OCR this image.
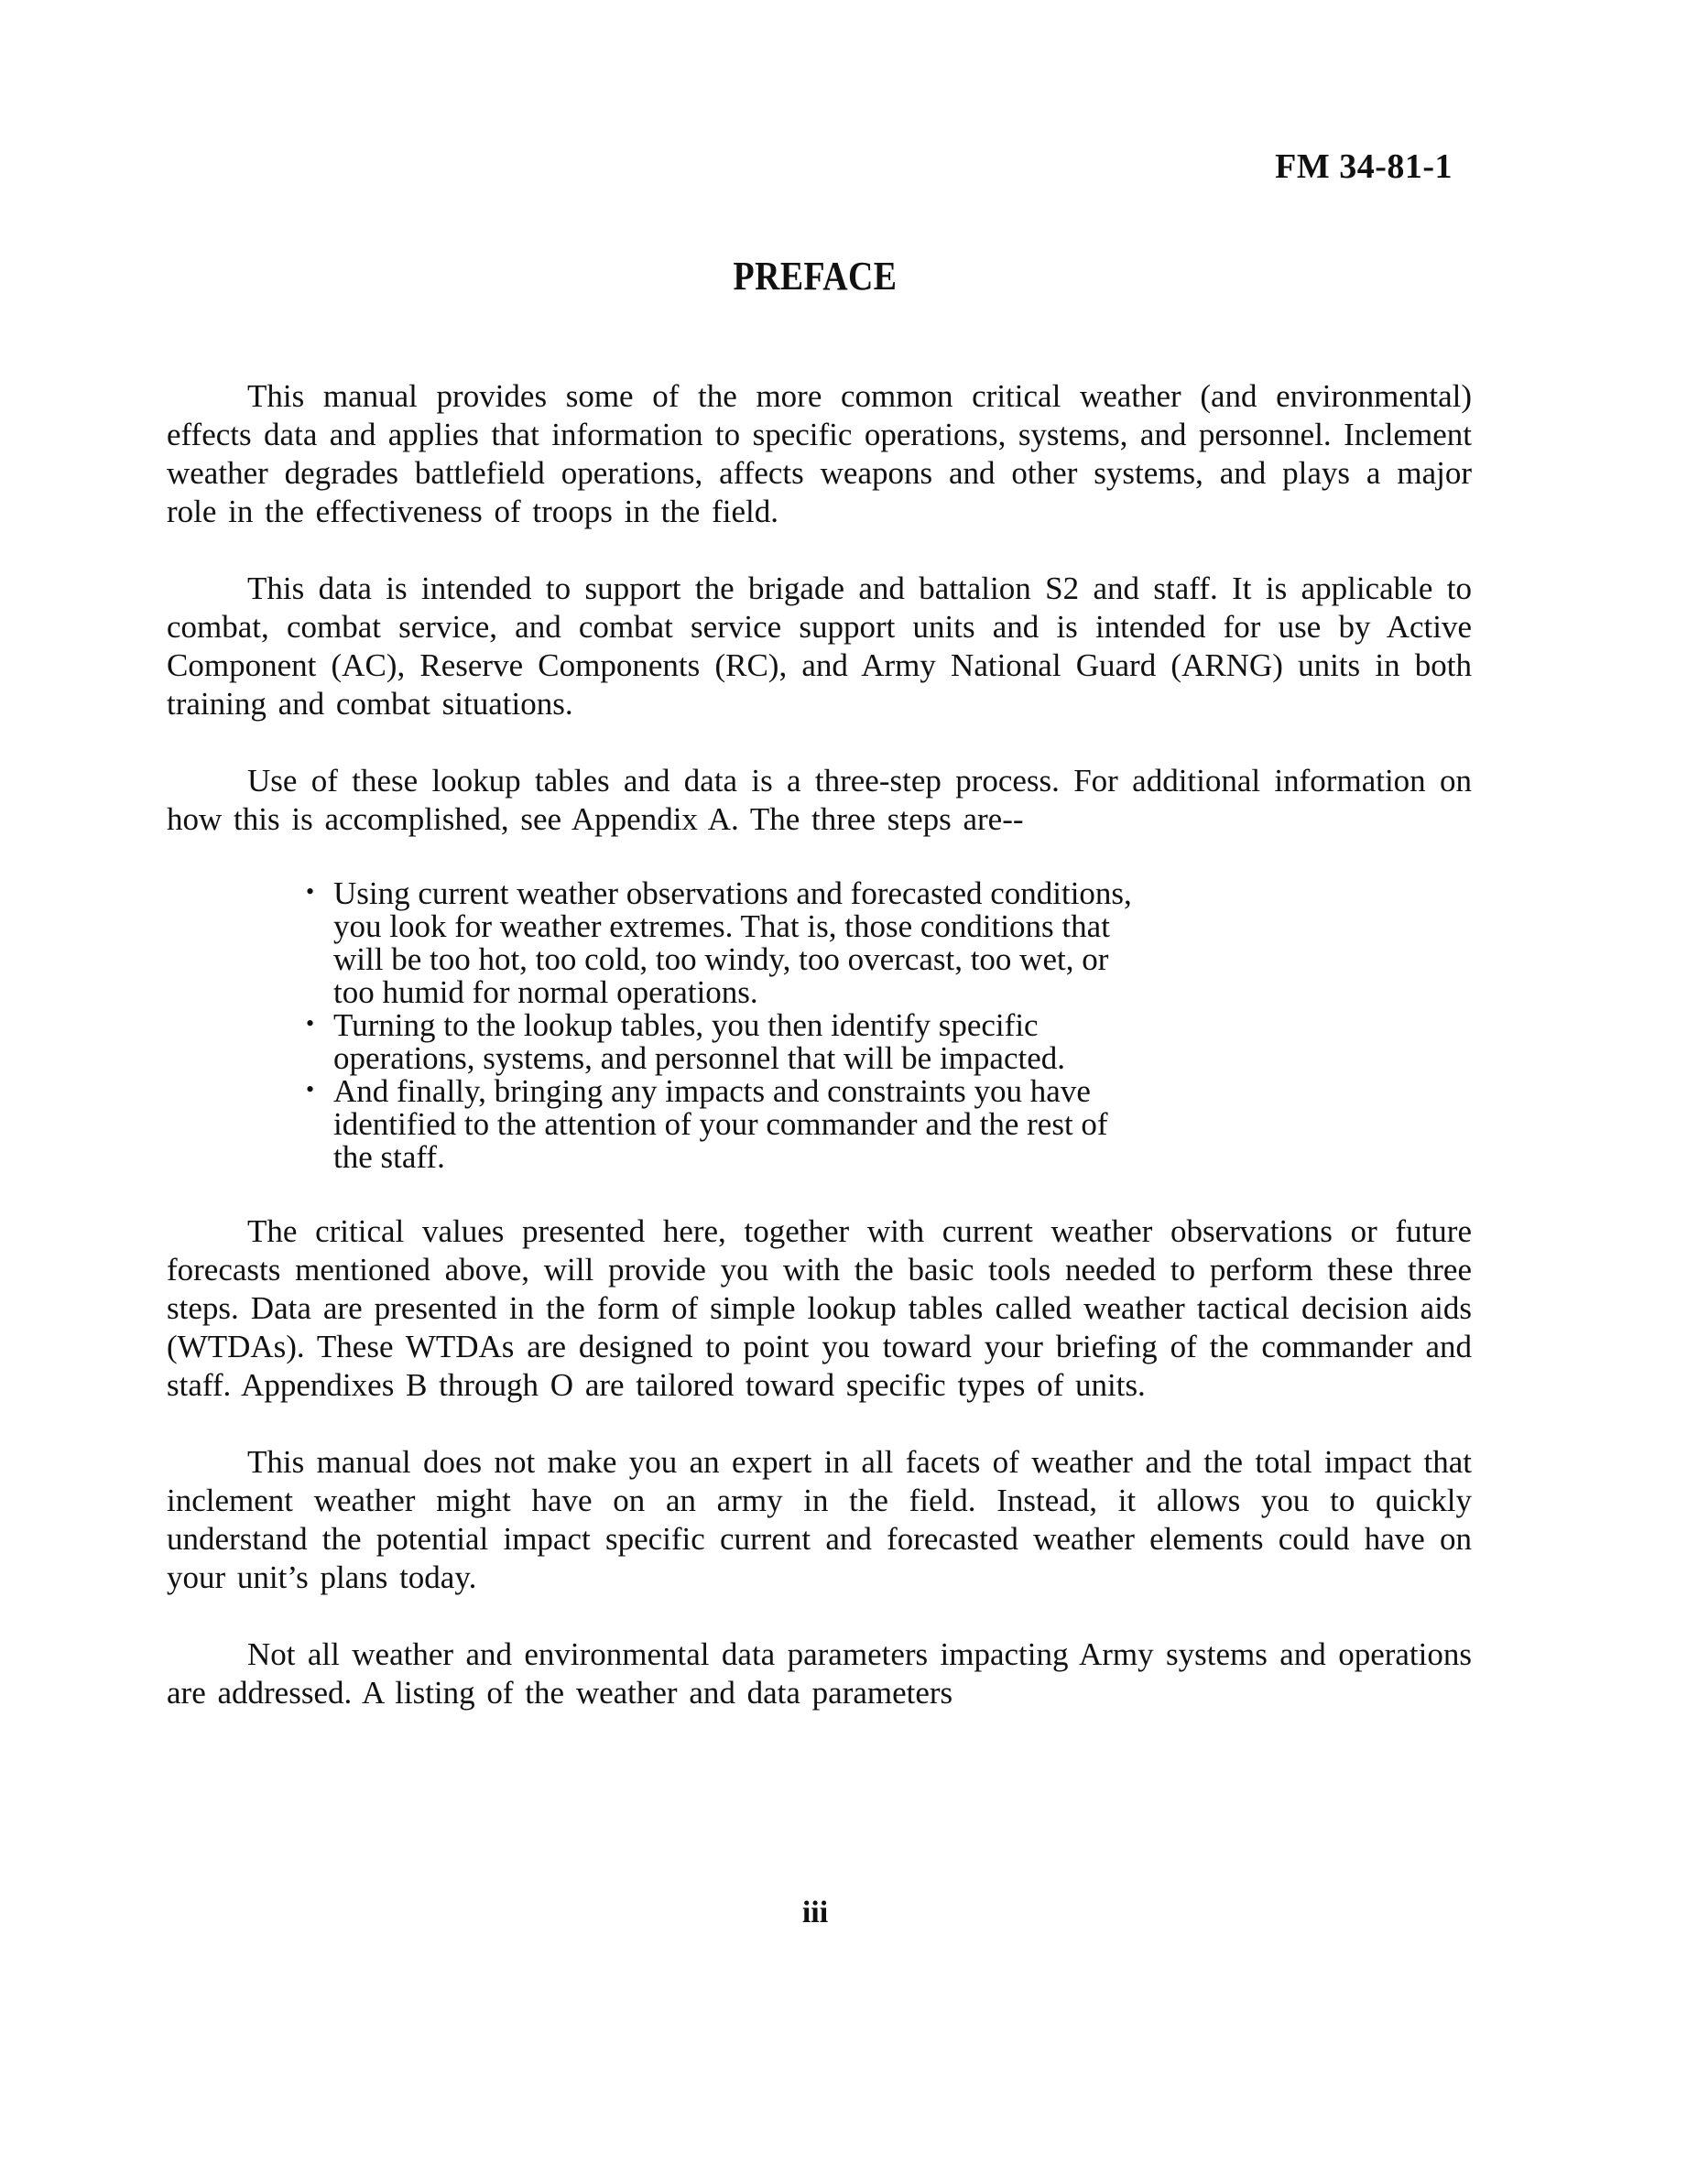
FM 34-81-1
PREFACE

This manual provides some of the more common critical weather (and environmental) effects data and applies that information to specific operations, systems, and personnel. Inclement weather degrades battlefield operations, affects weapons and other systems, and plays a major role in the effectiveness of troops in the field.

This data is intended to support the brigade and battalion S2 and staff. It is applicable to combat, combat service, and combat service support units and is intended for use by Active Component (AC), Reserve Components (RC), and Army National Guard (ARNG) units in both training and combat situations.

Use of these lookup tables and data is a three-step process. For additional information on how this is accomplished, see Appendix A. The three steps are--

• Using current weather observations and forecasted conditions, you look for weather extremes. That is, those conditions that will be too hot, too cold, too windy, too overcast, too wet, or too humid for normal operations.
• Turning to the lookup tables, you then identify specific operations, systems, and personnel that will be impacted.
• And finally, bringing any impacts and constraints you have identified to the attention of your commander and the rest of the staff.

The critical values presented here, together with current weather observations or future forecasts mentioned above, will provide you with the basic tools needed to perform these three steps. Data are presented in the form of simple lookup tables called weather tactical decision aids (WTDAs). These WTDAs are designed to point you toward your briefing of the commander and staff. Appendixes B through O are tailored toward specific types of units.

This manual does not make you an expert in all facets of weather and the total impact that inclement weather might have on an army in the field. Instead, it allows you to quickly understand the potential impact specific current and forecasted weather elements could have on your unit’s plans today.

Not all weather and environmental data parameters impacting Army systems and operations are addressed. A listing of the weather and data parameters

iii
